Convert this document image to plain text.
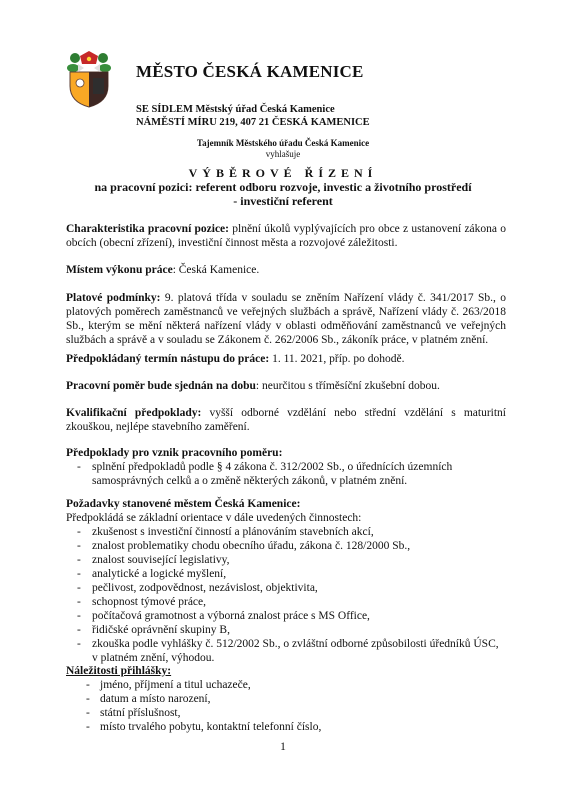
MĚSTO ČESKÁ KAMENICE
SE SÍDLEM Městský úřad Česká Kamenice
NÁMĚSTÍ MÍRU 219, 407 21 ČESKÁ KAMENICE
Tajemník Městského úřadu Česká Kamenice
vyhlašuje
VÝBĚROVÉ ŘÍZENÍ
na pracovní pozici: referent odboru rozvoje, investic a životního prostředí
- investiční referent
Charakteristika pracovní pozice: plnění úkolů vyplývajících pro obce z ustanovení zákona o obcích (obecní zřízení), investiční činnost města a rozvojové záležitosti.
Místem výkonu práce: Česká Kamenice.
Platové podmínky: 9. platová třída v souladu se zněním Nařízení vlády č. 341/2017 Sb., o platových poměrech zaměstnanců ve veřejných službách a správě, Nařízení vlády č. 263/2018 Sb., kterým se mění některá nařízení vlády v oblasti odměňování zaměstnanců ve veřejných službách a správě a v souladu se Zákonem č. 262/2006 Sb., zákoník práce, v platném znění.
Předpokládaný termín nástupu do práce: 1. 11. 2021, příp. po dohodě.
Pracovní poměr bude sjednán na dobu: neurčitou s tříměsíční zkušební dobou.
Kvalifikační předpoklady: vyšší odborné vzdělání nebo střední vzdělání s maturitní zkouškou, nejlépe stavebního zaměření.
Předpoklady pro vznik pracovního poměru:
- splnění předpokladů podle § 4 zákona č. 312/2002 Sb., o úřednících územních samosprávných celků a o změně některých zákonů, v platném znění.
Požadavky stanovené městem Česká Kamenice:
Předpokládá se základní orientace v dále uvedených činnostech:
- zkušenost s investiční činností a plánováním stavebních akcí,
- znalost problematiky chodu obecního úřadu, zákona č. 128/2000 Sb.,
- znalost související legislativy,
- analytické a logické myšlení,
- pečlivost, zodpovědnost, nezávislost, objektivita,
- schopnost týmové práce,
- počítačová gramotnost a výborná znalost práce s MS Office,
- řidičské oprávnění skupiny B,
- zkouška podle vyhlášky č. 512/2002 Sb., o zvláštní odborné způsobilosti úředníků ÚSC, v platném znění, výhodou.
Náležitosti přihlášky:
- jméno, příjmení a titul uchazeče,
- datum a místo narození,
- státní příslušnost,
- místo trvalého pobytu, kontaktní telefonní číslo,
1
